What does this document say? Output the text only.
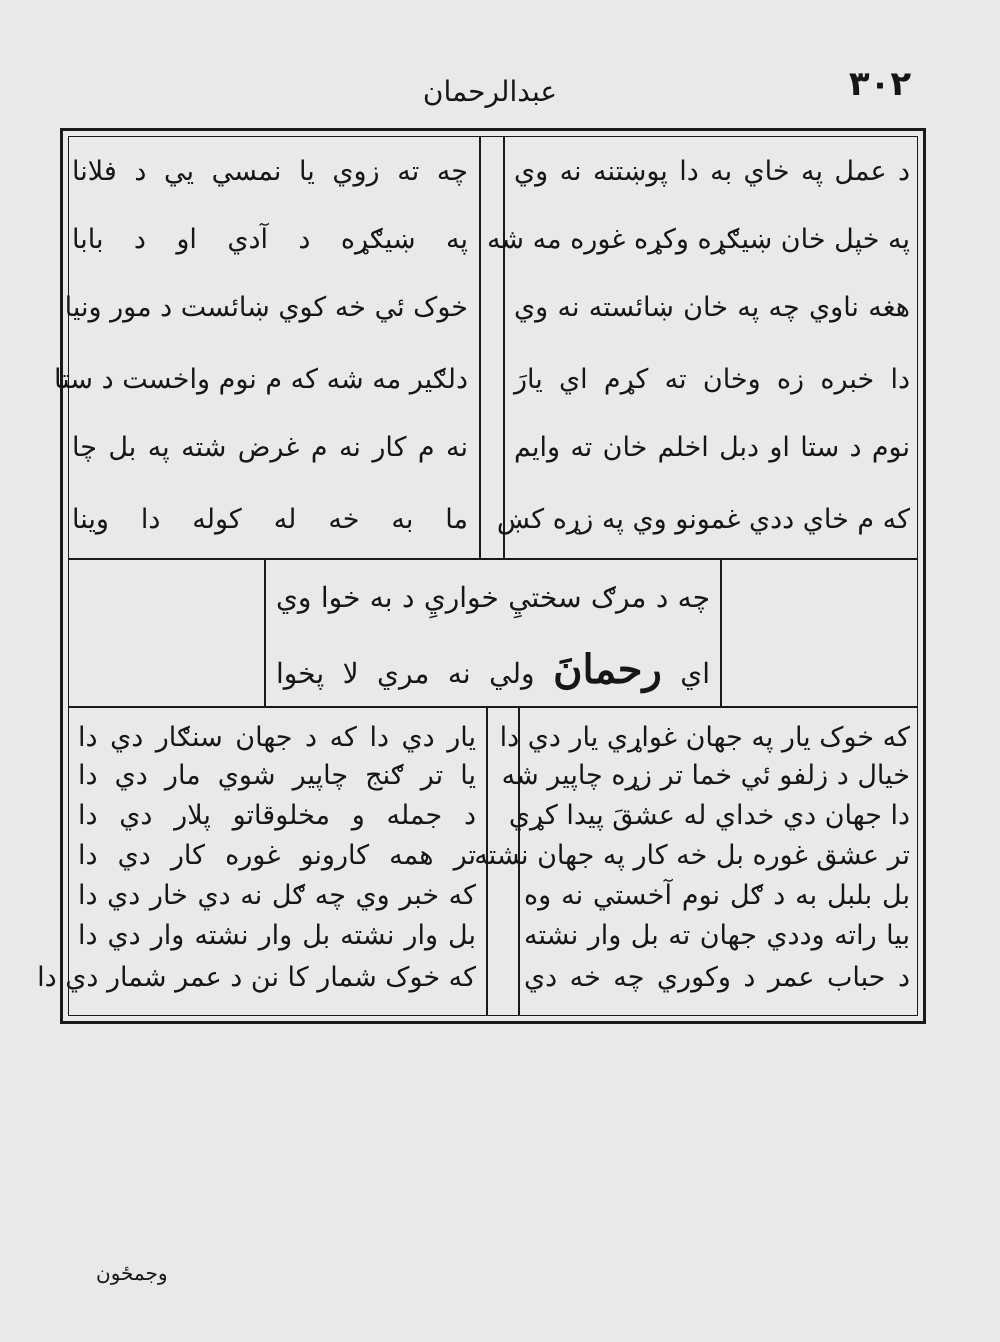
۳۰۲
عبدالرحمان
د عمل په خاي به دا پوښتنه نه وي
په خپل خان ښيګړه وکړه غوره مه شه
هغه ناوي چه په خان ښائسته نه وي
دا خبره زه وخان ته کړم اي يارَ
نوم د ستا او دبل اخلم خان ته وايم
که م خاي ددي غمونو وي په زړه کښ
چه ته زوي يا نمسي يي د فلانا
په ښيګړه د آدي او د بابا
خوک ئي خه کوي ښائست د مور ونيا
دلګير مه شه که م نوم واخست د ستا
نه م کار نه م غرض شته په بل چا
ما به خه له کوله دا وينا
چه د مرګ سختيِ خواريِ د به خوا وي
اي رحمانَ ولي نه مري لا پخوا
که خوک يار په جهان غواړي يار دي دا
خيال د زلفو ئي خما تر زړه چاپير شه
دا جهان دي خداي له عشقَ پيدا کړي
تر عشق غوره بل خه کار په جهان نشته
بل بلبل به د ګل نوم آخستي نه وه
بيا راته وددي جهان ته بل وار نشته
د حباب عمر د وکوري چه خه دي
يار دي دا که د جهان سنګار دي دا
يا تر ګنج چاپير شوي مار دي دا
د جمله و مخلوقاتو پلار دي دا
تر همه کارونو غوره کار دي دا
که خبر وي چه ګل نه دي خار دي دا
بل وار نشته بل وار نشته وار دي دا
که خوک شمار کا نن د عمر شمار دي دا
وجمځون
